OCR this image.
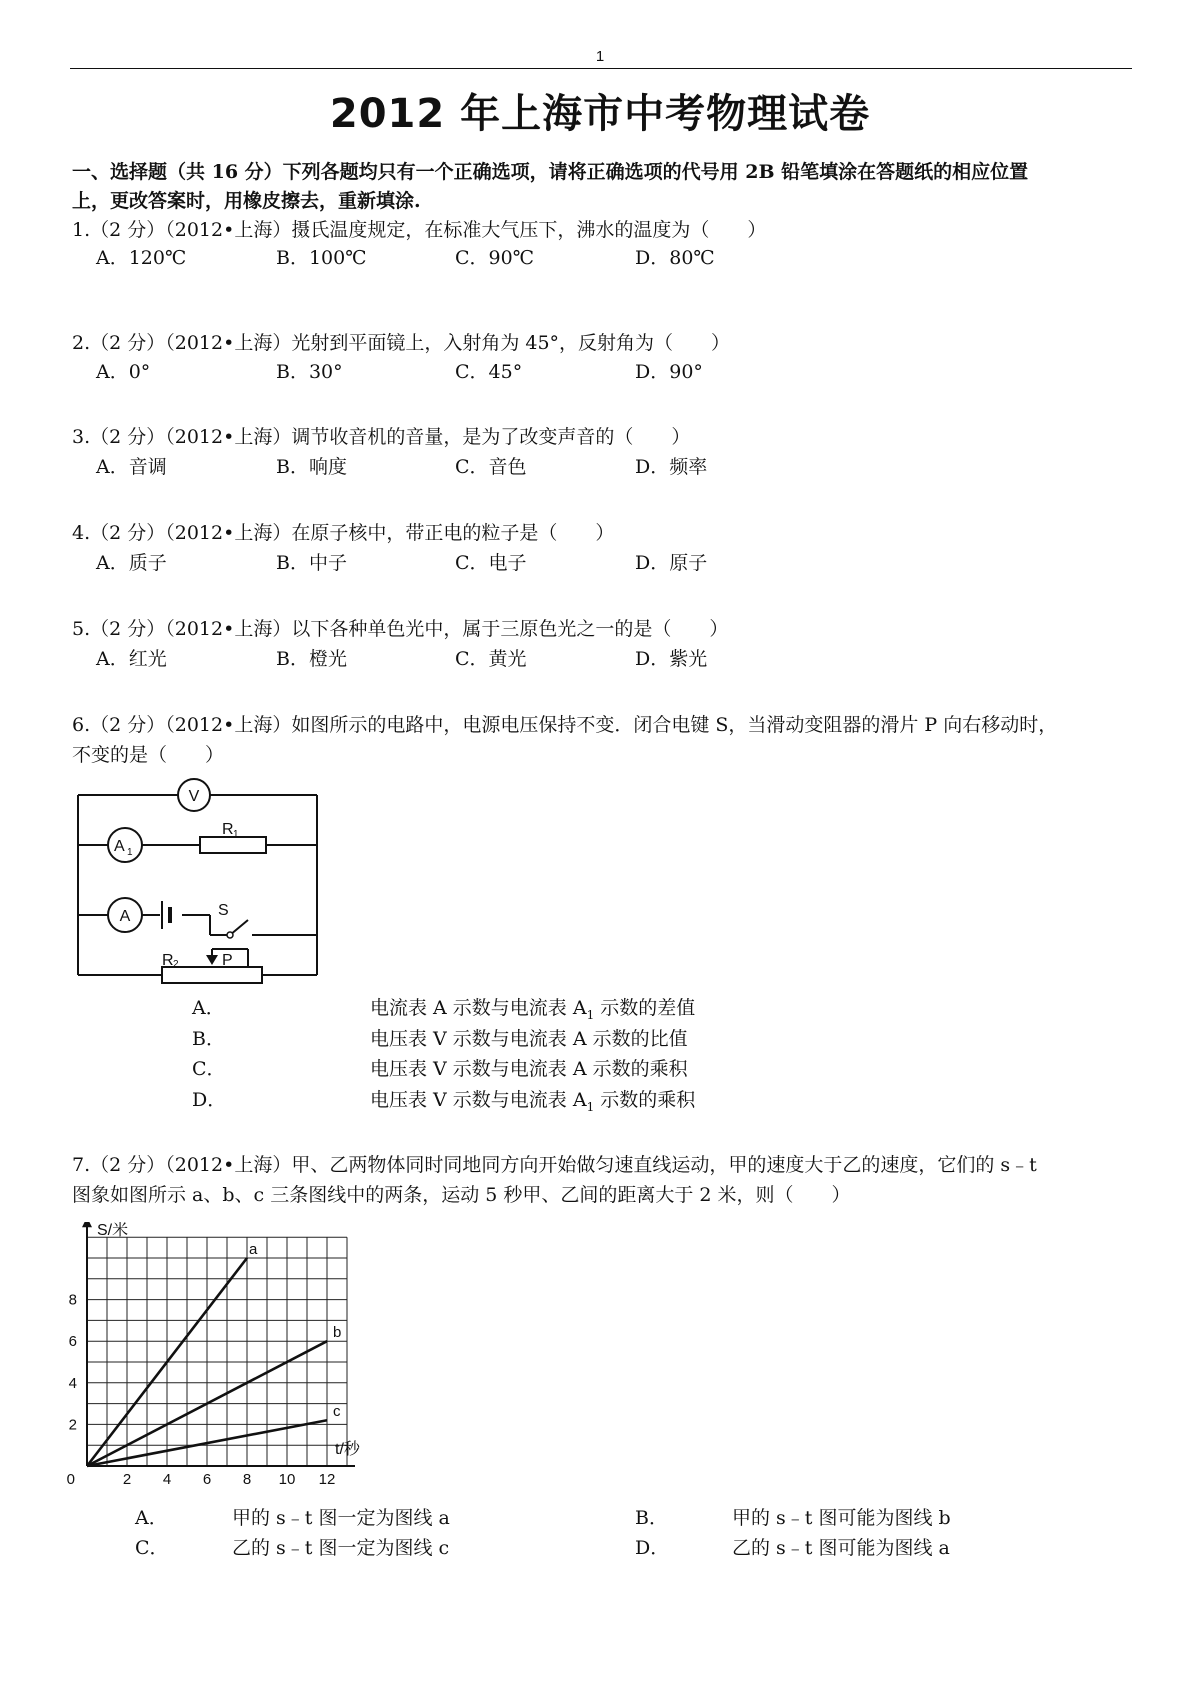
1
2012 年上海市中考物理试卷
一、选择题（共 16 分）下列各题均只有一个正确选项，请将正确选项的代号用 2B 铅笔填涂在答题纸的相应位置
上，更改答案时，用橡皮擦去，重新填涂.
1.（2 分）（2012•上海）摄氏温度规定，在标准大气压下，沸水的温度为（　　）
A．120℃	B．100℃	C．90℃	D．80℃
2.（2 分）（2012•上海）光射到平面镜上，入射角为 45°，反射角为（　　）
A．0°	B．30°	C．45°	D．90°
3.（2 分）（2012•上海）调节收音机的音量，是为了改变声音的（　　）
A．音调	B．响度	C．音色	D．频率
4.（2 分）（2012•上海）在原子核中，带正电的粒子是（　　）
A．质子	B．中子	C．电子	D．原子
5.（2 分）（2012•上海）以下各种单色光中，属于三原色光之一的是（　　）
A．红光	B．橙光	C．黄光	D．紫光
6.（2 分）（2012•上海）如图所示的电路中，电源电压保持不变．闭合电键 S，当滑动变阻器的滑片 P 向右移动时，
不变的是（　　）
V
A 1
A
R 1
R 2	P
S
A．	电流表 A 示数与电流表 $A_1$ 示数的差值
B．	电压表 V 示数与电流表 A 示数的比值
C．	电压表 V 示数与电流表 A 示数的乘积
D．	电压表 V 示数与电流表 $A_1$ 示数的乘积
7.（2 分）（2012•上海）甲、乙两物体同时同地同方向开始做匀速直线运动，甲的速度大于乙的速度，它们的 s﹣t
图象如图所示 a、b、c 三条图线中的两条，运动 5 秒甲、乙间的距离大于 2 米，则（　　）
2 4 6 8 10 12
2
4
6
8
0
a
b
c
S/米
t/秒
A．	甲的 s﹣t 图一定为图线 a	B．	甲的 s﹣t 图可能为图线 b
C．	乙的 s﹣t 图一定为图线 c	D．	乙的 s﹣t 图可能为图线 a
